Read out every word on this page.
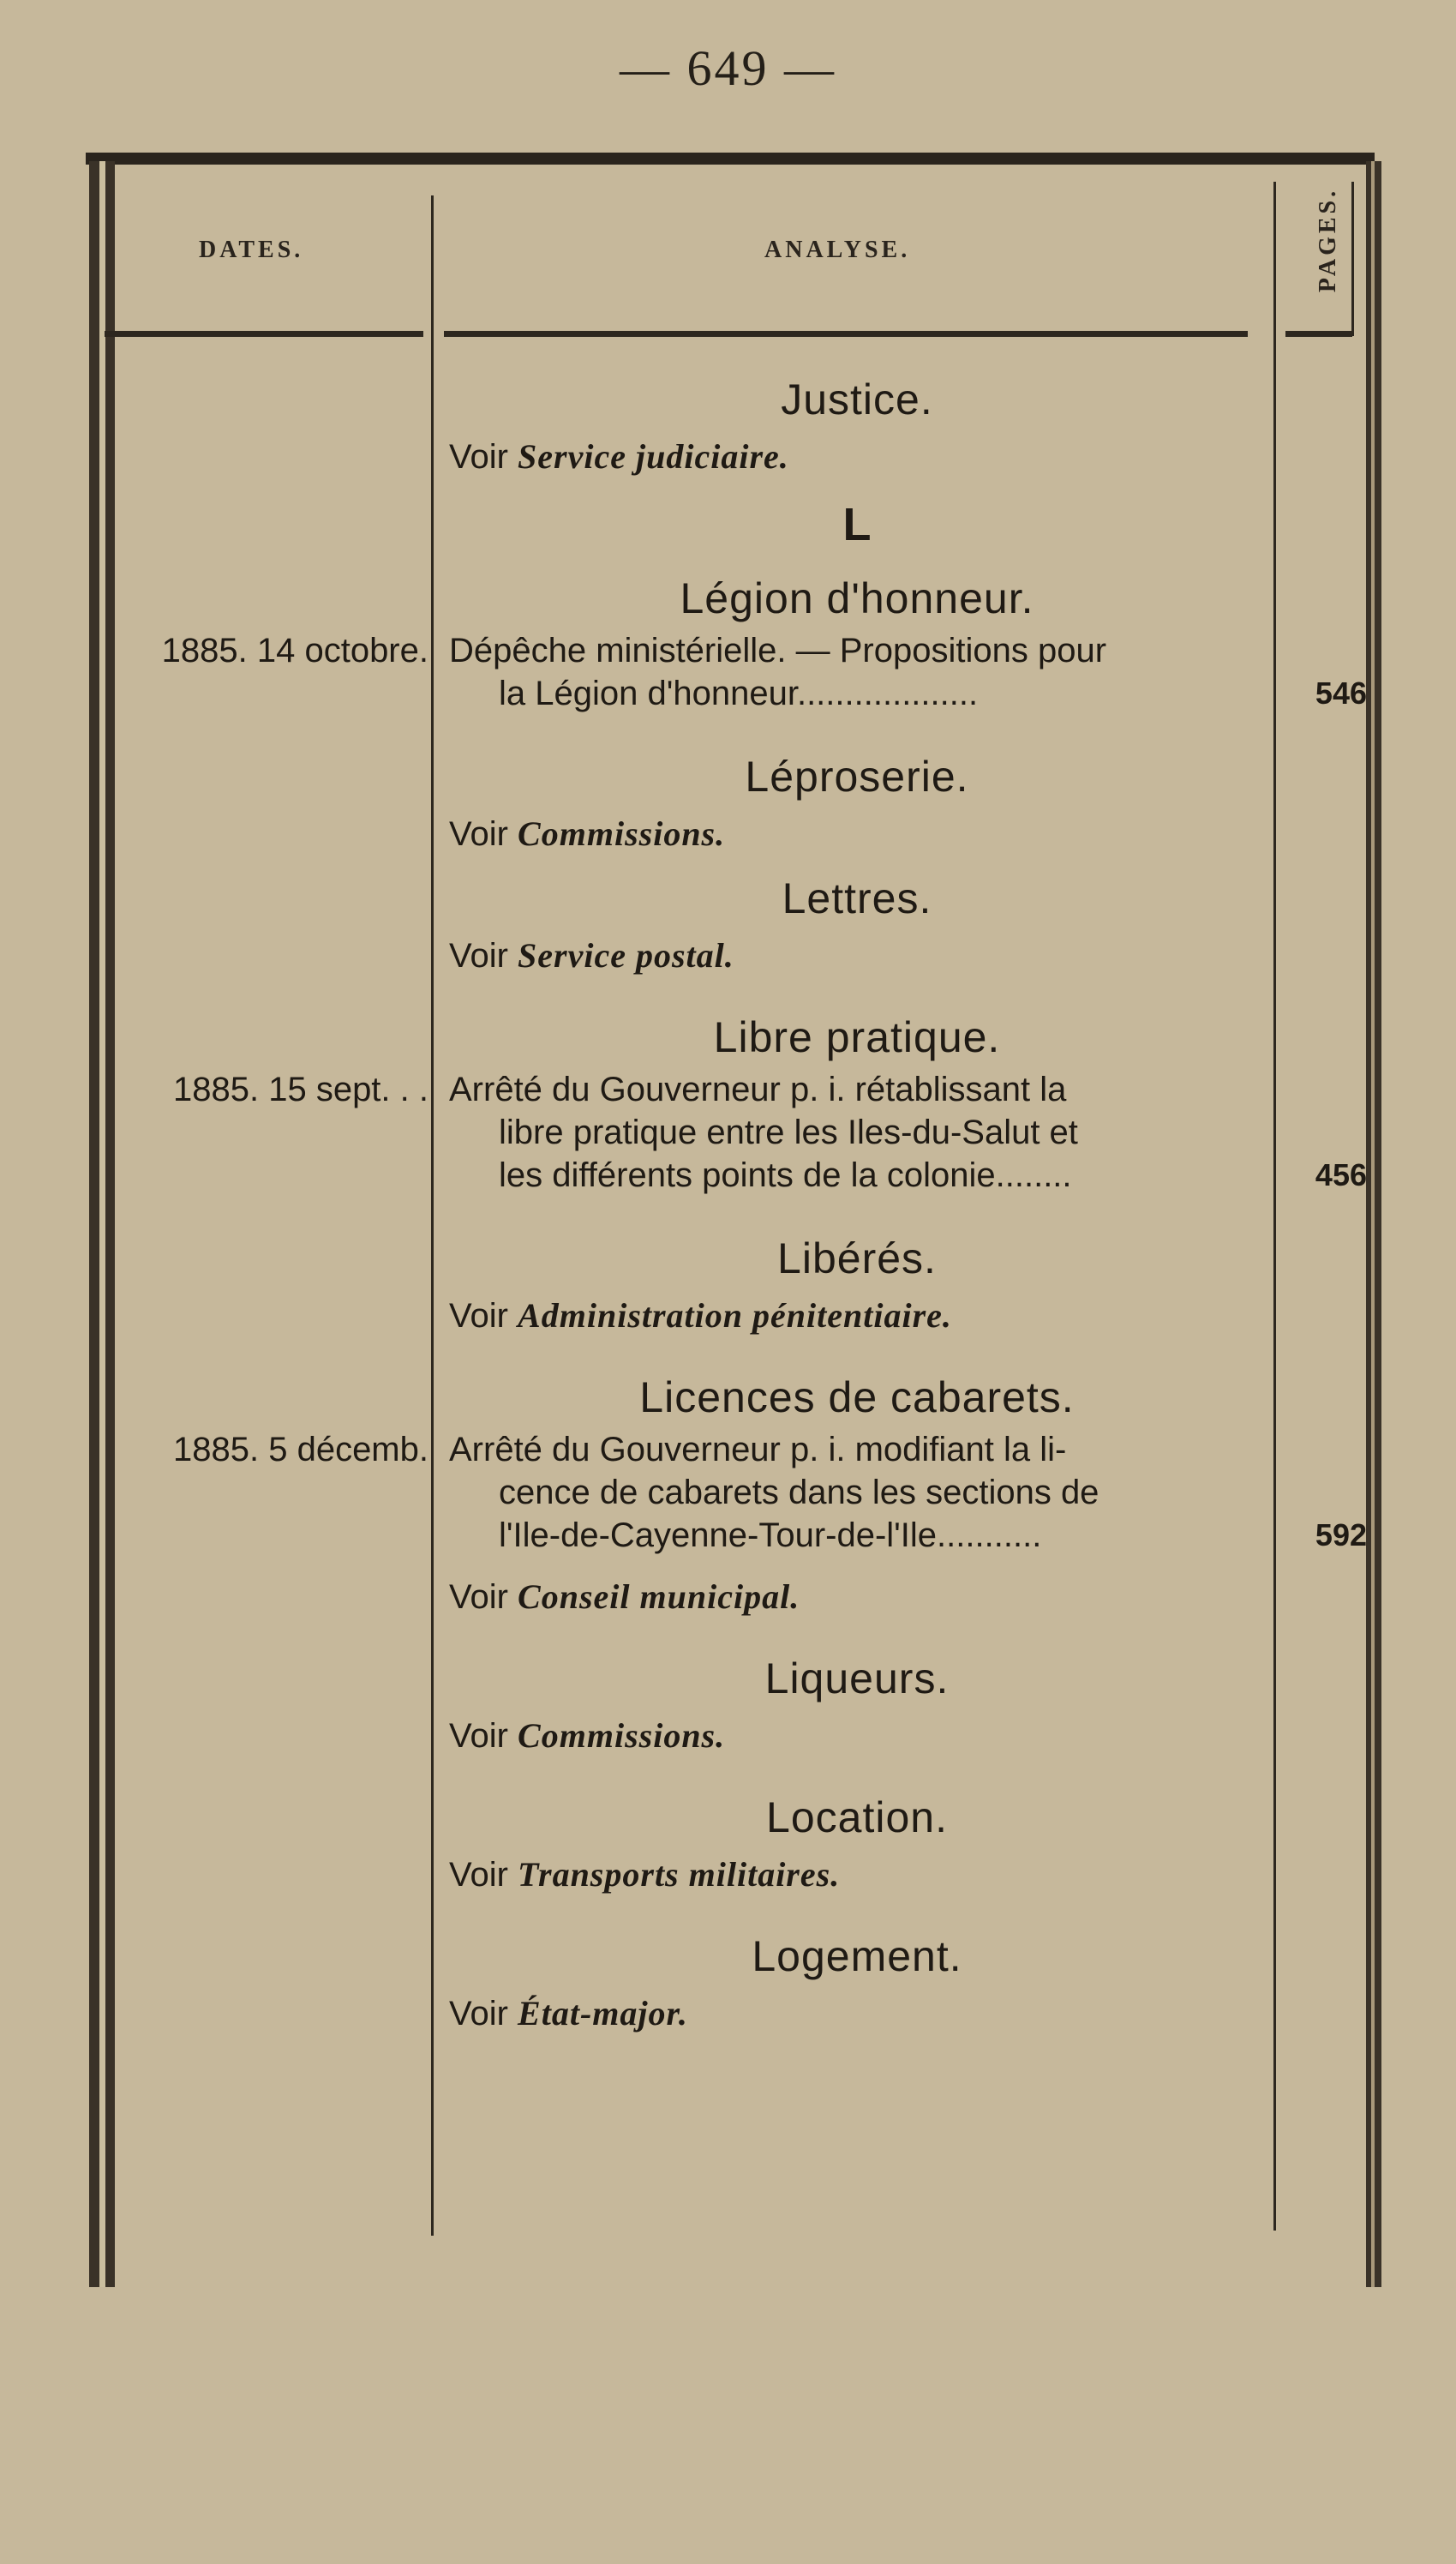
— 649 —
DATES.	ANALYSE.	PAGES.
Justice.
Voir Service judiciaire.
L
Légion d'honneur.
1885. 14 octobre. Dépêche ministérielle. — Propositions pour
la Légion d'honneur...................	546
Léproserie.
Voir Commissions.
Lettres.
Voir Service postal.
Libre pratique.
1885. 15 sept. . . Arrêté du Gouverneur p. i. rétablissant la
libre pratique entre les Iles-du-Salut et
les différents points de la colonie........	456
Libérés.
Voir Administration pénitentiaire.
Licences de cabarets.
1885. 5 décemb. Arrêté du Gouverneur p. i. modifiant la li-
cence de cabarets dans les sections de
l'Ile-de-Cayenne-Tour-de-l'Ile...........	592
Voir Conseil municipal.
Liqueurs.
Voir Commissions.
Location.
Voir Transports militaires.
Logement.
Voir État-major.
